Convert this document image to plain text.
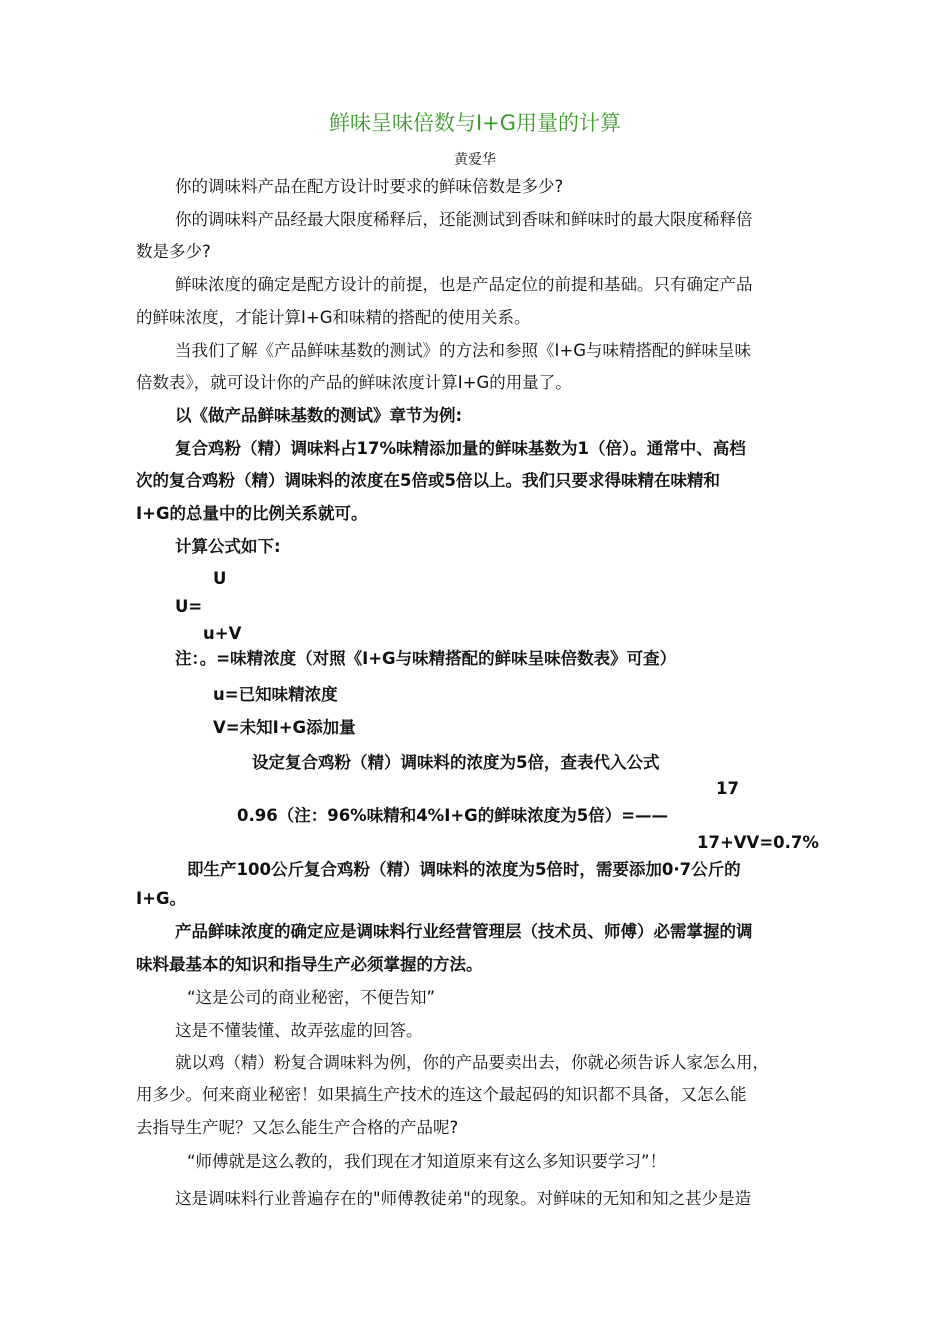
鲜味呈味倍数与I+G用量的计算
黄爱华
你的调味料产品在配方设计时要求的鲜味倍数是多少?
你的调味料产品经最大限度稀释后，还能测试到香味和鲜味时的最大限度稀释倍
数是多少?
鲜味浓度的确定是配方设计的前提，也是产品定位的前提和基础。只有确定产品
的鲜味浓度，才能计算I+G和味精的搭配的使用关系。
当我们了解《产品鲜味基数的测试》的方法和参照《I+G与味精搭配的鲜味呈味
倍数表》，就可设计你的产品的鲜味浓度计算I+G的用量了。
以《做产品鲜味基数的测试》章节为例:
复合鸡粉（精）调味料占17%味精添加量的鲜味基数为1（倍）。通常中、高档
次的复合鸡粉（精）调味料的浓度在5倍或5倍以上。我们只要求得味精在味精和
I+G的总量中的比例关系就可。
计算公式如下:
U
U=
u+V
注：。=味精浓度（对照《I+G与味精搭配的鲜味呈味倍数表》可查）
u=已知味精浓度
V=未知I+G添加量
设定复合鸡粉（精）调味料的浓度为5倍，查表代入公式
17
0.96（注：96%味精和4%I+G的鲜味浓度为5倍）=——
17+VV=0.7%
即生产100公斤复合鸡粉（精）调味料的浓度为5倍时，需要添加0·7公斤的
I+G。
产品鲜味浓度的确定应是调味料行业经营管理层（技术员、师傅）必需掌握的调
味料最基本的知识和指导生产必须掌握的方法。
“这是公司的商业秘密，不便告知”
这是不懂装懂、故弄弦虚的回答。
就以鸡（精）粉复合调味料为例，你的产品要卖出去，你就必须告诉人家怎么用，
用多少。何来商业秘密！如果搞生产技术的连这个最起码的知识都不具备，又怎么能
去指导生产呢？又怎么能生产合格的产品呢?
“师傅就是这么教的，我们现在才知道原来有这么多知识要学习”！
这是调味料行业普遍存在的"师傅教徒弟"的现象。对鲜味的无知和知之甚少是造
